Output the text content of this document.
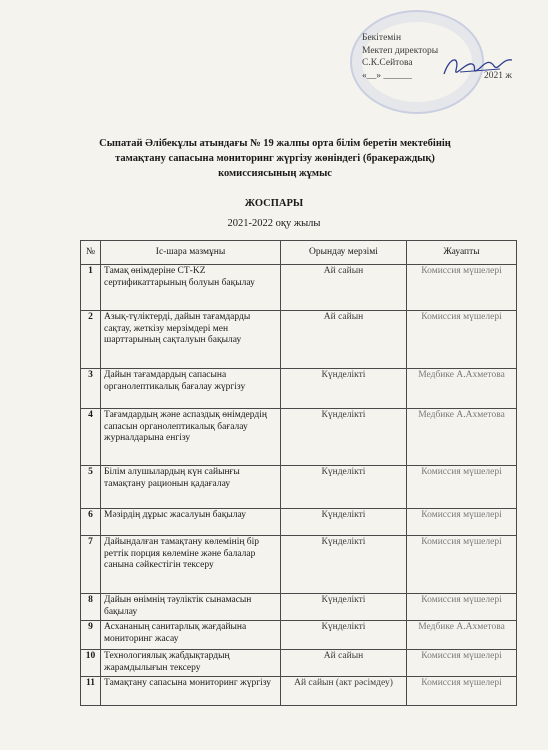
Бекітемін
Мектеп директоры
С.К.Сейтова
«__» ______	2021 ж
Сыпатай Әлібекұлы атындағы № 19 жалпы орта білім беретін мектебінің
тамақтану сапасына мониторинг жүргізу жөніндегі (бракераждық)
комиссиясының жұмыс
ЖОСПАРЫ
2021-2022 оқу жылы
№	Іс-шара мазмұны	Орындау мерзімі	Жауапты
1	Тамақ өнімдеріне СТ-KZ сертификаттарының болуын бақылау	Ай сайын	Комиссия мүшелері
2	Азық-түліктерді, дайын тағамдарды сақтау, жеткізу мерзімдері мен шарттарының сақталуын бақылау	Ай сайын	Комиссия мүшелері
3	Дайын тағамдардың сапасына органолептикалық бағалау жүргізу	Күнделікті	Медбике А.Ахметова
4	Тағамдардың және аспаздық өнімдердің сапасын органолептикалық бағалау журналдарына енгізу	Күнделікті	Медбике А.Ахметова
5	Білім алушылардың күн сайынғы тамақтану рационын қадағалау	Күнделікті	Комиссия мүшелері
6	Мәзірдің дұрыс жасалуын бақылау	Күнделікті	Комиссия мүшелері
7	Дайындалған тамақтану көлемінің бір реттік порция көлеміне және балалар санына сәйкестігін тексеру	Күнделікті	Комиссия мүшелері
8	Дайын өнімнің тәуліктік сынамасын бақылау	Күнделікті	Комиссия мүшелері
9	Асхананың санитарлық жағдайына мониторинг жасау	Күнделікті	Медбике А.Ахметова
10	Технологиялық жабдықтардың жарамдылығын тексеру	Ай сайын	Комиссия мүшелері
11	Тамақтану сапасына мониторинг жүргізу	Ай сайын (акт рәсімдеу)	Комиссия мүшелері
